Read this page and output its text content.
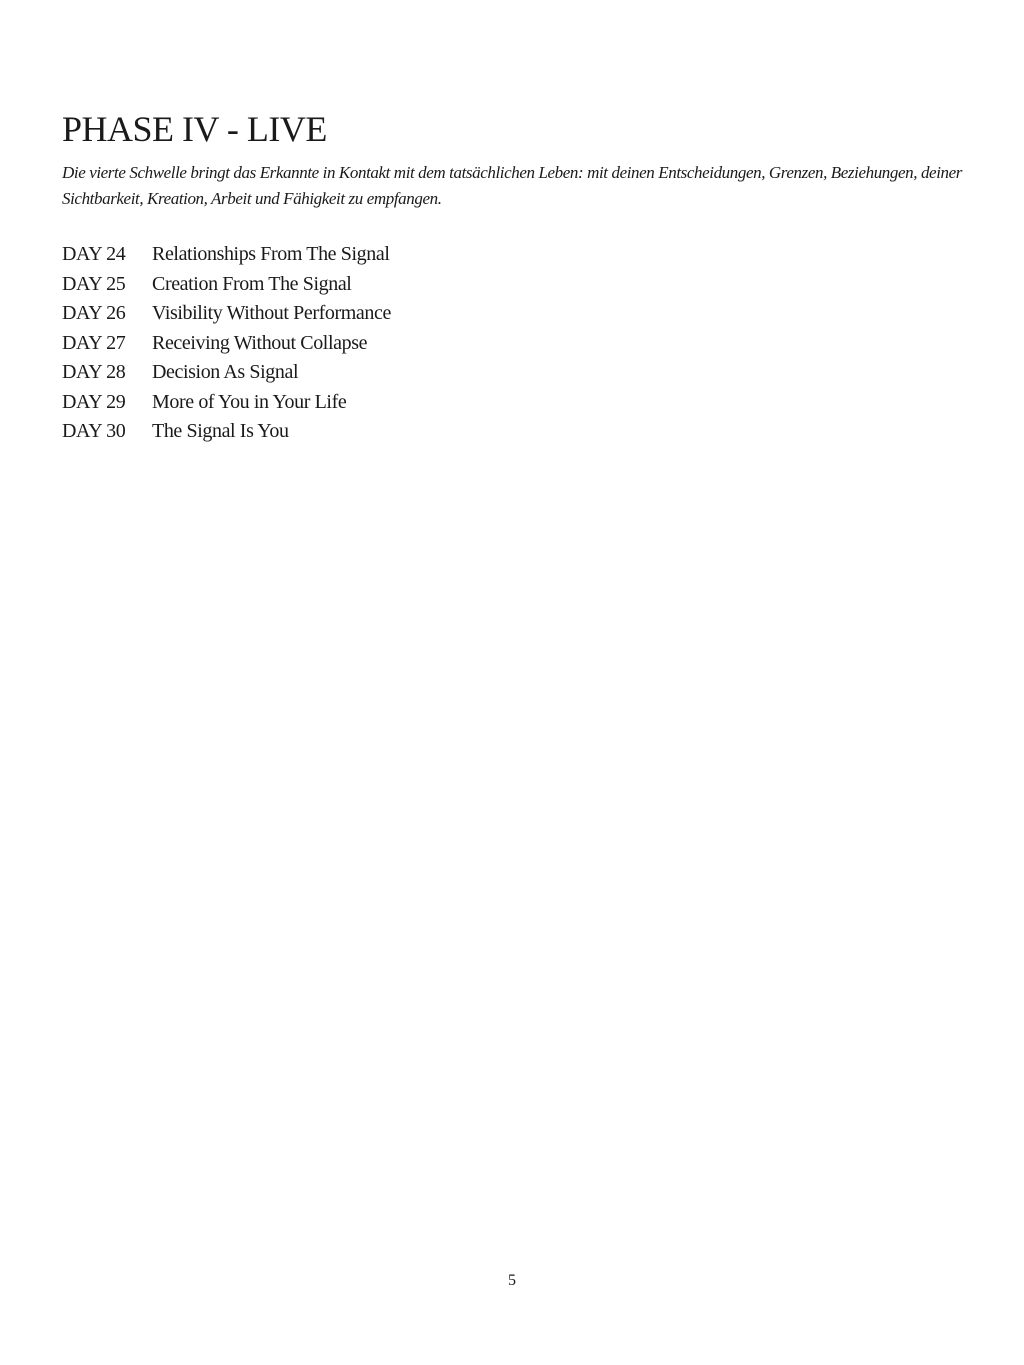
PHASE IV - LIVE

Die vierte Schwelle bringt das Erkannte in Kontakt mit dem tatsächlichen Leben: mit deinen Entscheidungen, Grenzen, Beziehungen, deiner Sichtbarkeit, Kreation, Arbeit und Fähigkeit zu empfangen.

DAY 24	Relationships From The Signal
DAY 25	Creation From The Signal
DAY 26	Visibility Without Performance
DAY 27	Receiving Without Collapse
DAY 28	Decision As Signal
DAY 29	More of You in Your Life
DAY 30	The Signal Is You
5
